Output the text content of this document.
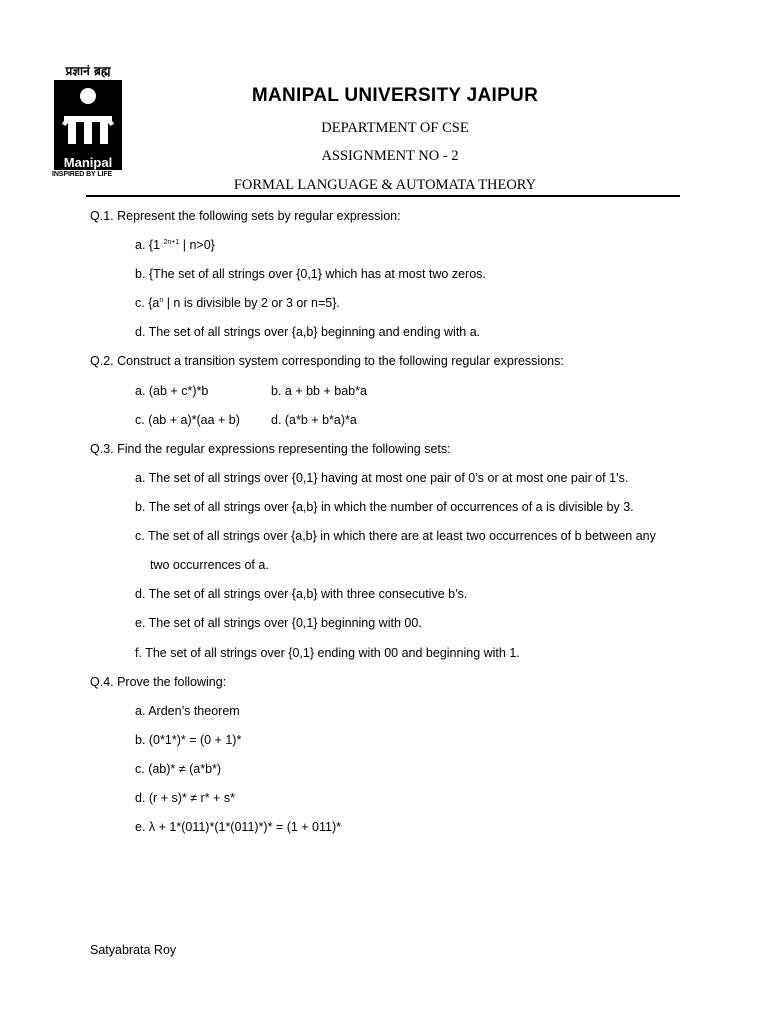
प्रज्ञानं ब्रह्म
Manipal
INSPIRED BY LIFE
MANIPAL UNIVERSITY JAIPUR
DEPARTMENT OF CSE
ASSIGNMENT NO - 2
FORMAL LANGUAGE & AUTOMATA THEORY
Q.1. Represent the following sets by regular expression:
a. {1 $^{2n+1}$ | n>0}
b. {The set of all strings over {0,1} which has at most two zeros.
c. {$a^n$ | n is divisible by 2 or 3 or n=5}.
d. The set of all strings over {a,b} beginning and ending with a.
Q.2. Construct a transition system corresponding to the following regular expressions:
a. (ab + c*)*b	b. a + bb + bab*a
c. (ab + a)*(aa + b) d. (a*b + b*a)*a
Q.3. Find the regular expressions representing the following sets:
a. The set of all strings over {0,1} having at most one pair of 0’s or at most one pair of 1’s.
b. The set of all strings over {a,b} in which the number of occurrences of a is divisible by 3.
c. The set of all strings over {a,b} in which there are at least two occurrences of b between any
two occurrences of a.
d. The set of all strings over {a,b} with three consecutive b’s.
e. The set of all strings over {0,1} beginning with 00.
f. The set of all strings over {0,1} ending with 00 and beginning with 1.
Q.4. Prove the following:
a. Arden’s theorem
b. (0*1*)* = (0 + 1)*
c. (ab)* ≠ (a*b*)
d. (r + s)* ≠ r* + s*
e. λ + 1*(011)*(1*(011)*)* = (1 + 011)*
Satyabrata Roy
